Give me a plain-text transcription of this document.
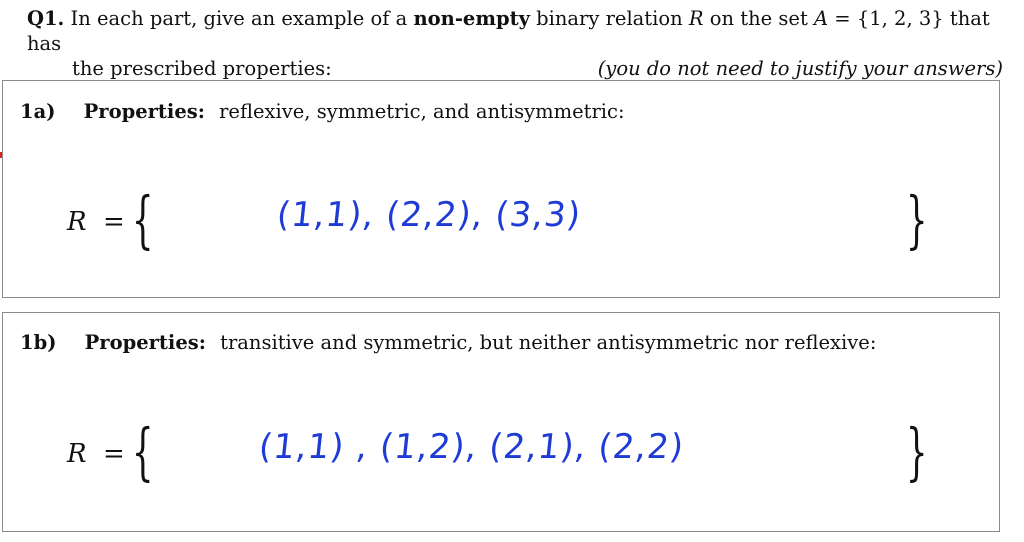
Q1. In each part, give an example of a non-empty binary relation R on the set A = {1, 2, 3} that has
the prescribed properties:	(you do not need to justify your answers)
1a) Properties: reflexive, symmetric, and antisymmetric:
R = {	(1,1), (2,2), (3,3)	}
1b) Properties: transitive and symmetric, but neither antisymmetric nor reflexive:
R = {	(1,1) , (1,2), (2,1), (2,2)	}
